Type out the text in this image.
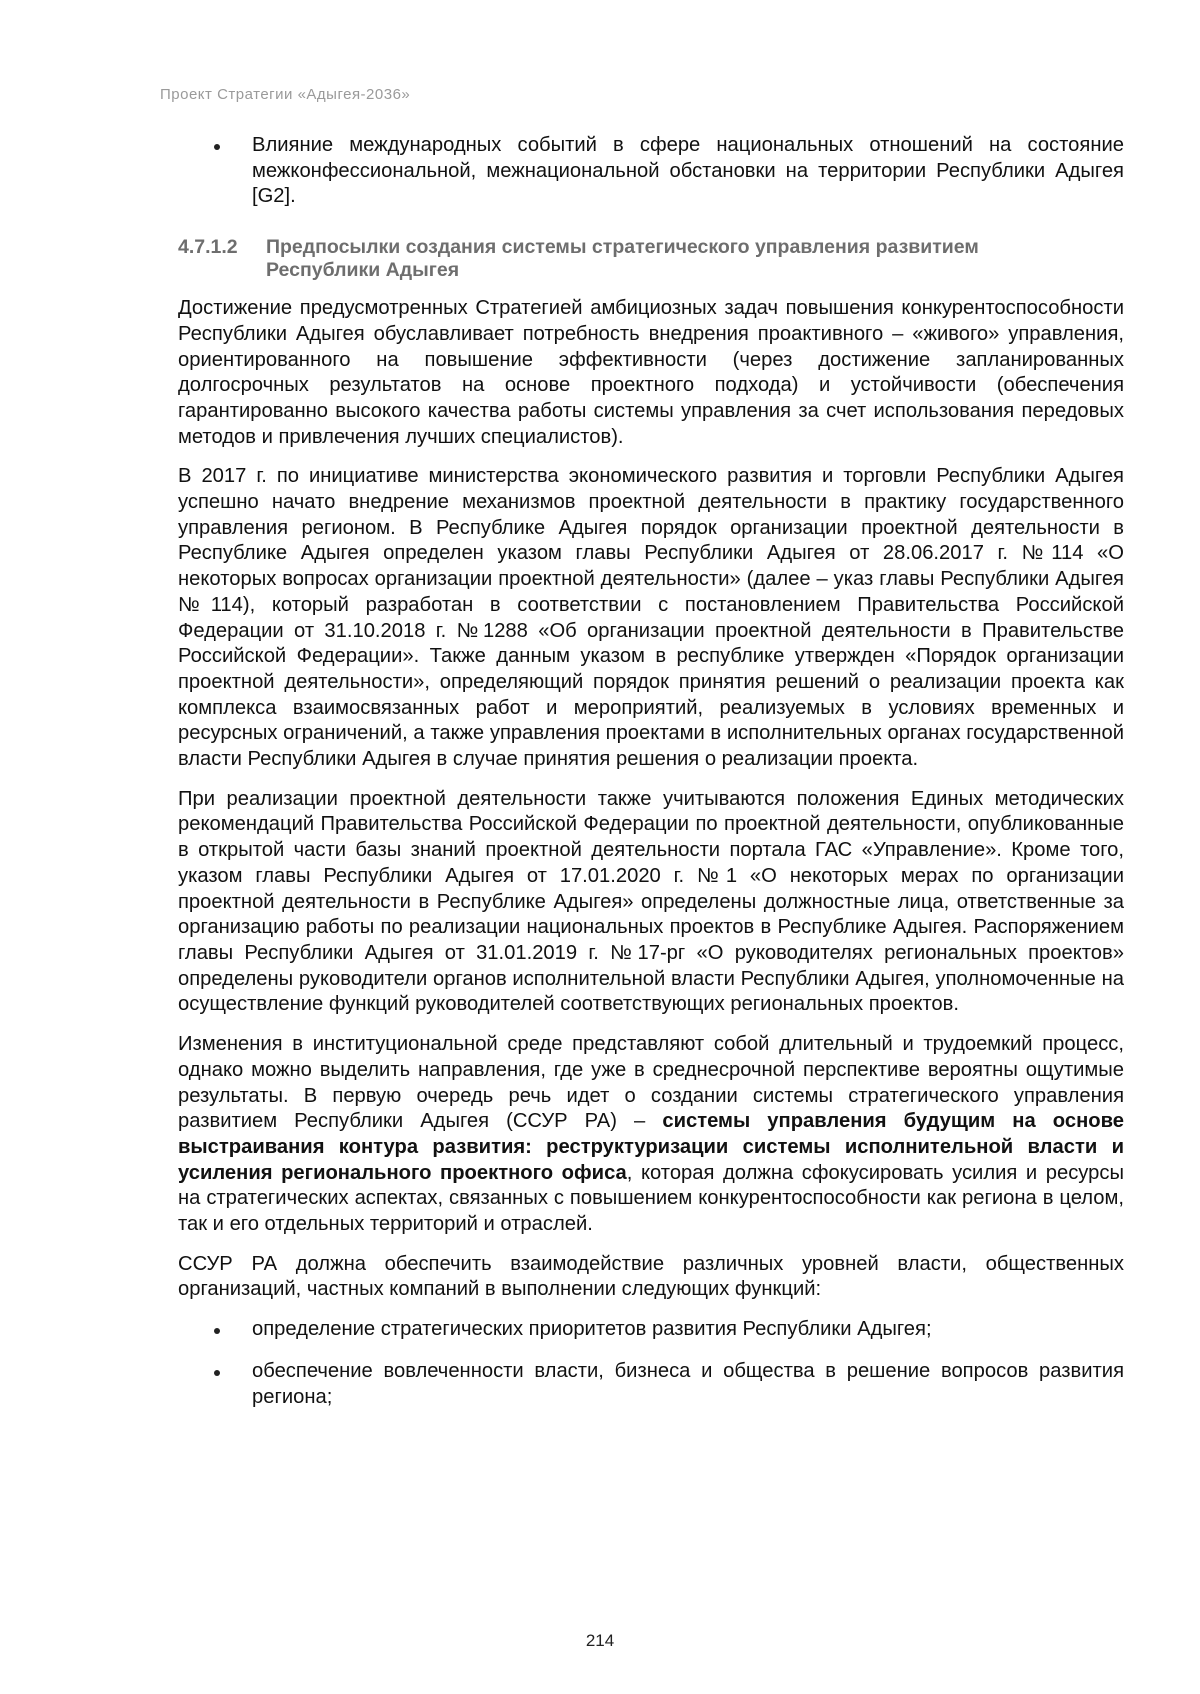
Проект Стратегии «Адыгея-2036»
Влияние международных событий в сфере национальных отношений на состояние межконфессиональной, межнациональной обстановки на территории Республики Адыгея [G2].
4.7.1.2	Предпосылки создания системы стратегического управления развитием Республики Адыгея

Достижение предусмотренных Стратегией амбициозных задач повышения конкурентоспособности Республики Адыгея обуславливает потребность внедрения проактивного – «живого» управления, ориентированного на повышение эффективности (через достижение запланированных долгосрочных результатов на основе проектного подхода) и устойчивости (обеспечения гарантированно высокого качества работы системы управления за счет использования передовых методов и привлечения лучших специалистов).

В 2017 г. по инициативе министерства экономического развития и торговли Республики Адыгея успешно начато внедрение механизмов проектной деятельности в практику государственного управления регионом. В Республике Адыгея порядок организации проектной деятельности в Республике Адыгея определен указом главы Республики Адыгея от 28.06.2017 г. №114 «О некоторых вопросах организации проектной деятельности» (далее – указ главы Республики Адыгея №114), который разработан в соответствии с постановлением Правительства Российской Федерации от 31.10.2018 г. №1288 «Об организации проектной деятельности в Правительстве Российской Федерации». Также данным указом в республике утвержден «Порядок организации проектной деятельности», определяющий порядок принятия решений о реализации проекта как комплекса взаимосвязанных работ и мероприятий, реализуемых в условиях временных и ресурсных ограничений, а также управления проектами в исполнительных органах государственной власти Республики Адыгея в случае принятия решения о реализации проекта.

При реализации проектной деятельности также учитываются положения Единых методических рекомендаций Правительства Российской Федерации по проектной деятельности, опубликованные в открытой части базы знаний проектной деятельности портала ГАС «Управление». Кроме того, указом главы Республики Адыгея от 17.01.2020 г. №1 «О некоторых мерах по организации проектной деятельности в Республике Адыгея» определены должностные лица, ответственные за организацию работы по реализации национальных проектов в Республике Адыгея. Распоряжением главы Республики Адыгея от 31.01.2019 г. №17-рг «О руководителях региональных проектов» определены руководители органов исполнительной власти Республики Адыгея, уполномоченные на осуществление функций руководителей соответствующих региональных проектов.

Изменения в институциональной среде представляют собой длительный и трудоемкий процесс, однако можно выделить направления, где уже в среднесрочной перспективе вероятны ощутимые результаты. В первую очередь речь идет о создании системы стратегического управления развитием Республики Адыгея (ССУР РА) – системы управления будущим на основе выстраивания контура развития: реструктуризации системы исполнительной власти и усиления регионального проектного офиса, которая должна сфокусировать усилия и ресурсы на стратегических аспектах, связанных с повышением конкурентоспособности как региона в целом, так и его отдельных территорий и отраслей.

ССУР РА должна обеспечить взаимодействие различных уровней власти, общественных организаций, частных компаний в выполнении следующих функций:

определение стратегических приоритетов развития Республики Адыгея;
обеспечение вовлеченности власти, бизнеса и общества в решение вопросов развития региона;
214
